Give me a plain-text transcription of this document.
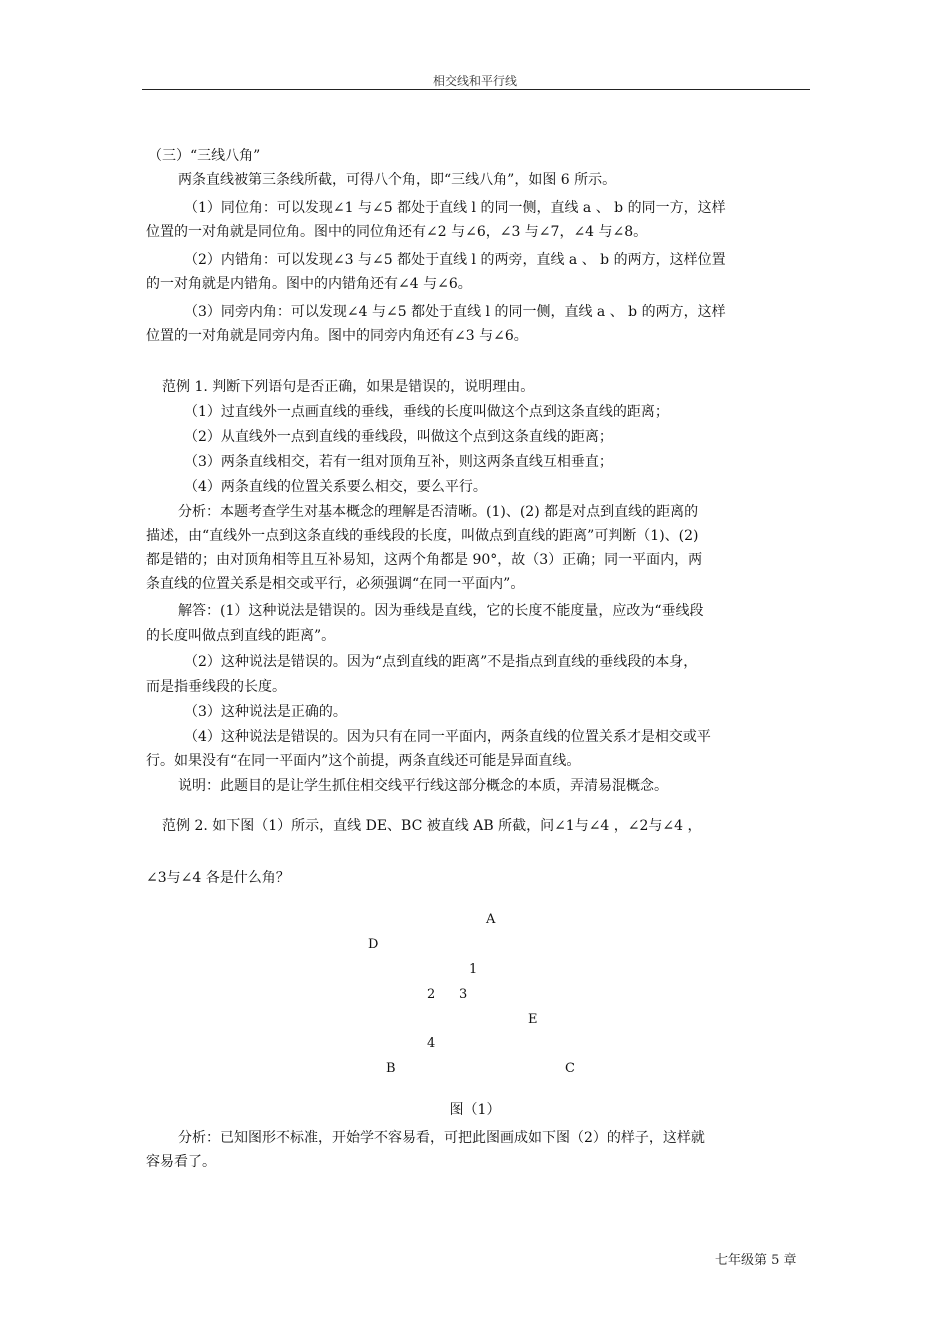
相交线和平行线
（三）“三线八角”
两条直线被第三条线所截，可得八个角，即“三线八角”，如图 6 所示。
（1）同位角：可以发现∠1 与∠5 都处于直线 l 的同一侧，直线 a 、 b 的同一方，这样
位置的一对角就是同位角。图中的同位角还有∠2 与∠6，∠3 与∠7，∠4 与∠8。
（2）内错角：可以发现∠3 与∠5 都处于直线 l 的两旁，直线 a 、 b 的两方，这样位置
的一对角就是内错角。图中的内错角还有∠4 与∠6。
（3）同旁内角：可以发现∠4 与∠5 都处于直线 l 的同一侧，直线 a 、 b 的两方，这样
位置的一对角就是同旁内角。图中的同旁内角还有∠3 与∠6。
范例 1. 判断下列语句是否正确，如果是错误的，说明理由。
（1）过直线外一点画直线的垂线，垂线的长度叫做这个点到这条直线的距离；
（2）从直线外一点到直线的垂线段，叫做这个点到这条直线的距离；
（3）两条直线相交，若有一组对顶角互补，则这两条直线互相垂直；
（4）两条直线的位置关系要么相交，要么平行。
分析：本题考查学生对基本概念的理解是否清晰。(1)、(2) 都是对点到直线的距离的
描述，由“直线外一点到这条直线的垂线段的长度，叫做点到直线的距离”可判断（1)、(2)
都是错的；由对顶角相等且互补易知，这两个角都是 90°，故（3）正确；同一平面内，两
条直线的位置关系是相交或平行，必须强调“在同一平面内”。
解答：(1）这种说法是错误的。因为垂线是直线，它的长度不能度量，应改为“垂线段
的长度叫做点到直线的距离”。
（2）这种说法是错误的。因为“点到直线的距离”不是指点到直线的垂线段的本身，
而是指垂线段的长度。
（3）这种说法是正确的。
（4）这种说法是错误的。因为只有在同一平面内，两条直线的位置关系才是相交或平
行。如果没有“在同一平面内”这个前提，两条直线还可能是异面直线。
说明：此题目的是让学生抓住相交线平行线这部分概念的本质，弄清易混概念。
范例 2. 如下图（1）所示，直线 DE、BC 被直线 AB 所截，问∠1与∠4 ，∠2与∠4 ，
∠3与∠4 各是什么角？
A
D
1
2 3
E
4
B	C
图（1）
分析：已知图形不标准，开始学不容易看，可把此图画成如下图（2）的样子，这样就
容易看了。
七年级第 5 章
